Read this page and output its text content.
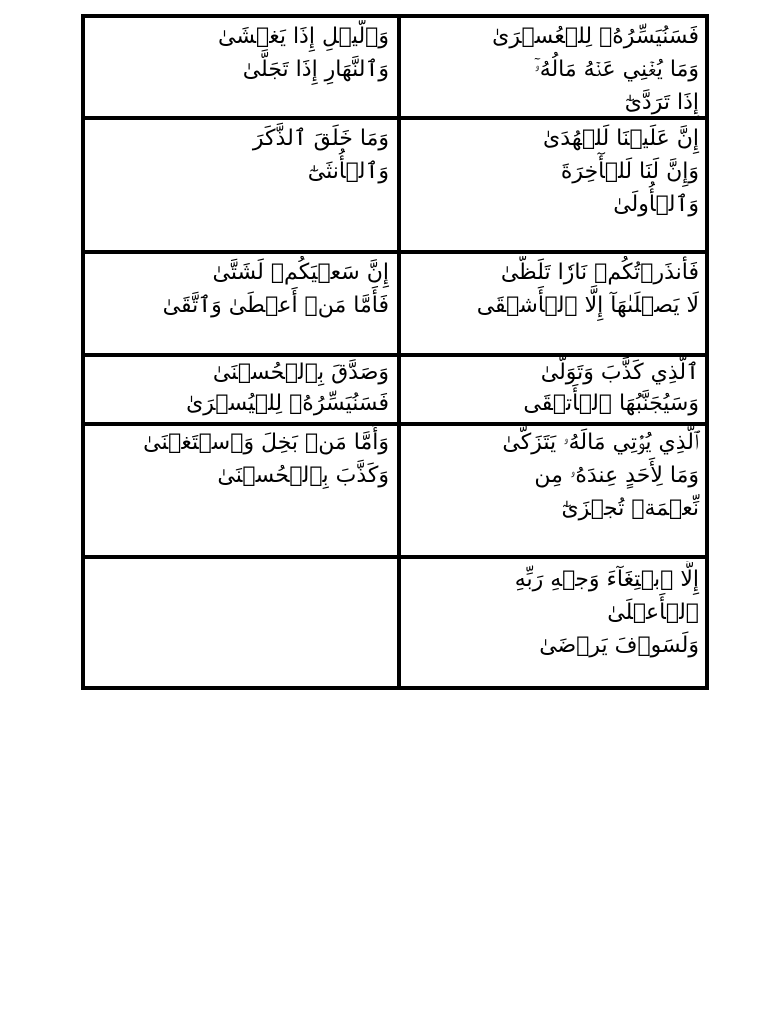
فَسَنُيَسِّرُهُۥ لِلۡعُسۡرَىٰ
وَمَا يُغۡنِي عَنۡهُ مَالُهُۥٓ
إِذَا تَرَدَّىٰٓ
وَٱلَّيۡلِ إِذَا يَغۡشَىٰ
وَٱلنَّهَارِ إِذَا تَجَلَّىٰ
إِنَّ عَلَيۡنَا لَلۡهُدَىٰ
وَإِنَّ لَنَا لَلۡأٓخِرَةَ
وَٱلۡأُولَىٰ
وَمَا خَلَقَ ٱلذَّكَرَ
وَٱلۡأُنثَىٰٓ
فَأَنذَرۡتُكُمۡ نَارٗا تَلَظَّىٰ
لَا يَصۡلَىٰهَآ إِلَّا ٱلۡأَشۡقَى
إِنَّ سَعۡيَكُمۡ لَشَتَّىٰ
فَأَمَّا مَنۡ أَعۡطَىٰ وَٱتَّقَىٰ
ٱلَّذِي كَذَّبَ وَتَوَلَّىٰ
وَسَيُجَنَّبُهَا ٱلۡأَتۡقَى
وَصَدَّقَ بِٱلۡحُسۡنَىٰ
فَسَنُيَسِّرُهُۥ لِلۡيُسۡرَىٰ
ٱلَّذِي يُؤۡتِي مَالَهُۥ يَتَزَكَّىٰ
وَمَا لِأَحَدٍ عِندَهُۥ مِن
نِّعۡمَةٖ تُجۡزَىٰٓ
وَأَمَّا مَنۢ بَخِلَ وَٱسۡتَغۡنَىٰ
وَكَذَّبَ بِٱلۡحُسۡنَىٰ
إِلَّا ٱبۡتِغَآءَ وَجۡهِ رَبِّهِ
ٱلۡأَعۡلَىٰ
وَلَسَوۡفَ يَرۡضَىٰ
